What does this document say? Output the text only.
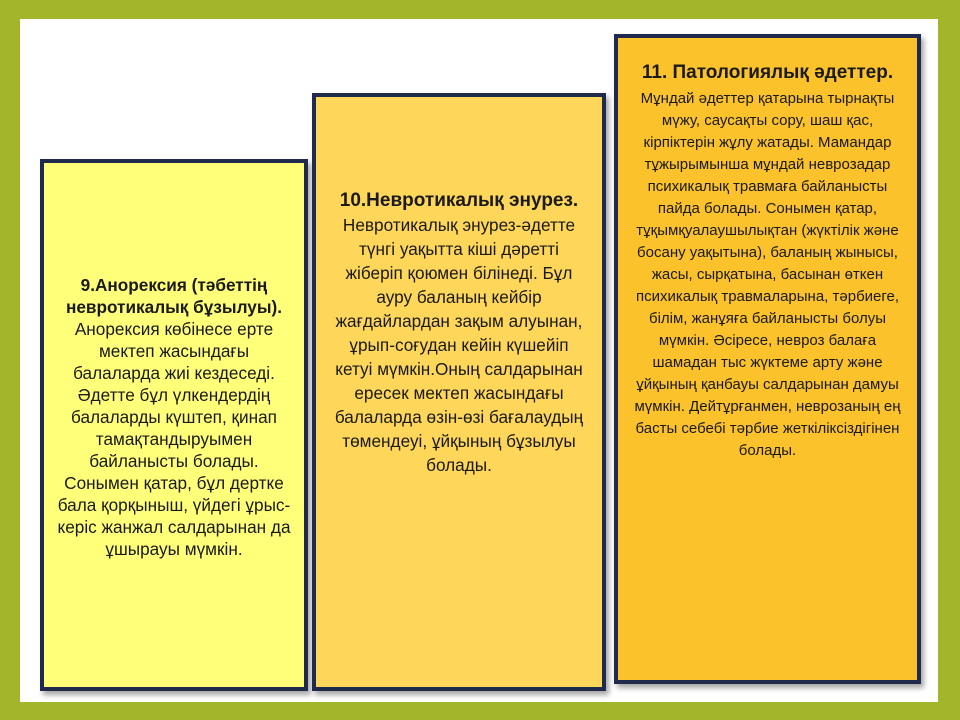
9.Анорексия (тәбеттің невротикалық бұзылуы). Анорексия көбінесе ерте мектеп жасындағы балаларда жиі кездеседі. Әдетте бұл үлкендердің балаларды күштеп, қинап тамақтандыруымен байланысты болады. Сонымен қатар, бұл дертке бала қорқыныш, үйдегі ұрыс-керіс жанжал салдарынан да ұшырауы мүмкін.

10.Невротикалық энурез. Невротикалық энурез-әдетте түнгі уақытта кіші дәретті жіберіп қоюмен білінеді. Бұл ауру баланың кейбір жағдайлардан зақым алуынан, ұрып-соғудан кейін күшейіп кетуі мүмкін.Оның салдарынан ересек мектеп жасындағы балаларда өзін-өзі бағалаудың төмендеуі, ұйқының бұзылуы болады.

11. Патологиялық әдеттер. Мұндай әдеттер қатарына тырнақты мүжу, саусақты сору, шаш қас, кірпіктерін жұлу жатады. Мамандар тұжырымынша мұндай неврозадар психикалық травмаға байланысты пайда болады. Сонымен қатар, тұқымқуалаушылықтан (жүктілік және босану уақытына), баланың жынысы, жасы, сырқатына, басынан өткен психикалық травмаларына, тәрбиеге, білім, жанұяға байланысты болуы мүмкін. Әсіресе, невроз балаға шамадан тыс жүктеме арту және ұйқының қанбауы салдарынан дамуы мүмкін. Дейтұрғанмен, неврозаның ең басты себебі тәрбие жеткіліксіздігінен болады.
